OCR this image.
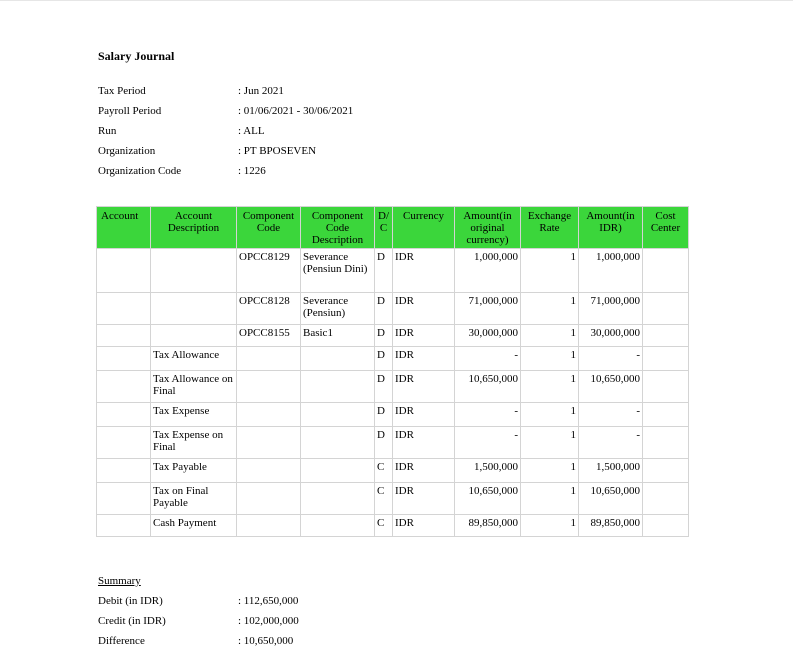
Salary Journal
Tax Period	: Jun 2021
Payroll Period	: 01/06/2021 - 30/06/2021
Run	: ALL
Organization	: PT BPOSEVEN
Organization Code	: 1226
Account	Account Description	Component Code	Component Code Description	D/ C	Currency	Amount(in original currency)	Exchange Rate	Amount(in IDR)	Cost Center
		OPCC8129	Severance (Pensiun Dini)	D	IDR	1,000,000	1	1,000,000	
		OPCC8128	Severance (Pensiun)	D	IDR	71,000,000	1	71,000,000	
		OPCC8155	Basic1	D	IDR	30,000,000	1	30,000,000	
	Tax Allowance			D	IDR	-	1	-	
	Tax Allowance on Final			D	IDR	10,650,000	1	10,650,000	
	Tax Expense			D	IDR	-	1	-	
	Tax Expense on Final			D	IDR	-	1	-	
	Tax Payable			C	IDR	1,500,000	1	1,500,000	
	Tax on Final Payable			C	IDR	10,650,000	1	10,650,000	
	Cash Payment			C	IDR	89,850,000	1	89,850,000	
Summary
Debit (in IDR)	: 112,650,000
Credit (in IDR)	: 102,000,000
Difference	: 10,650,000
